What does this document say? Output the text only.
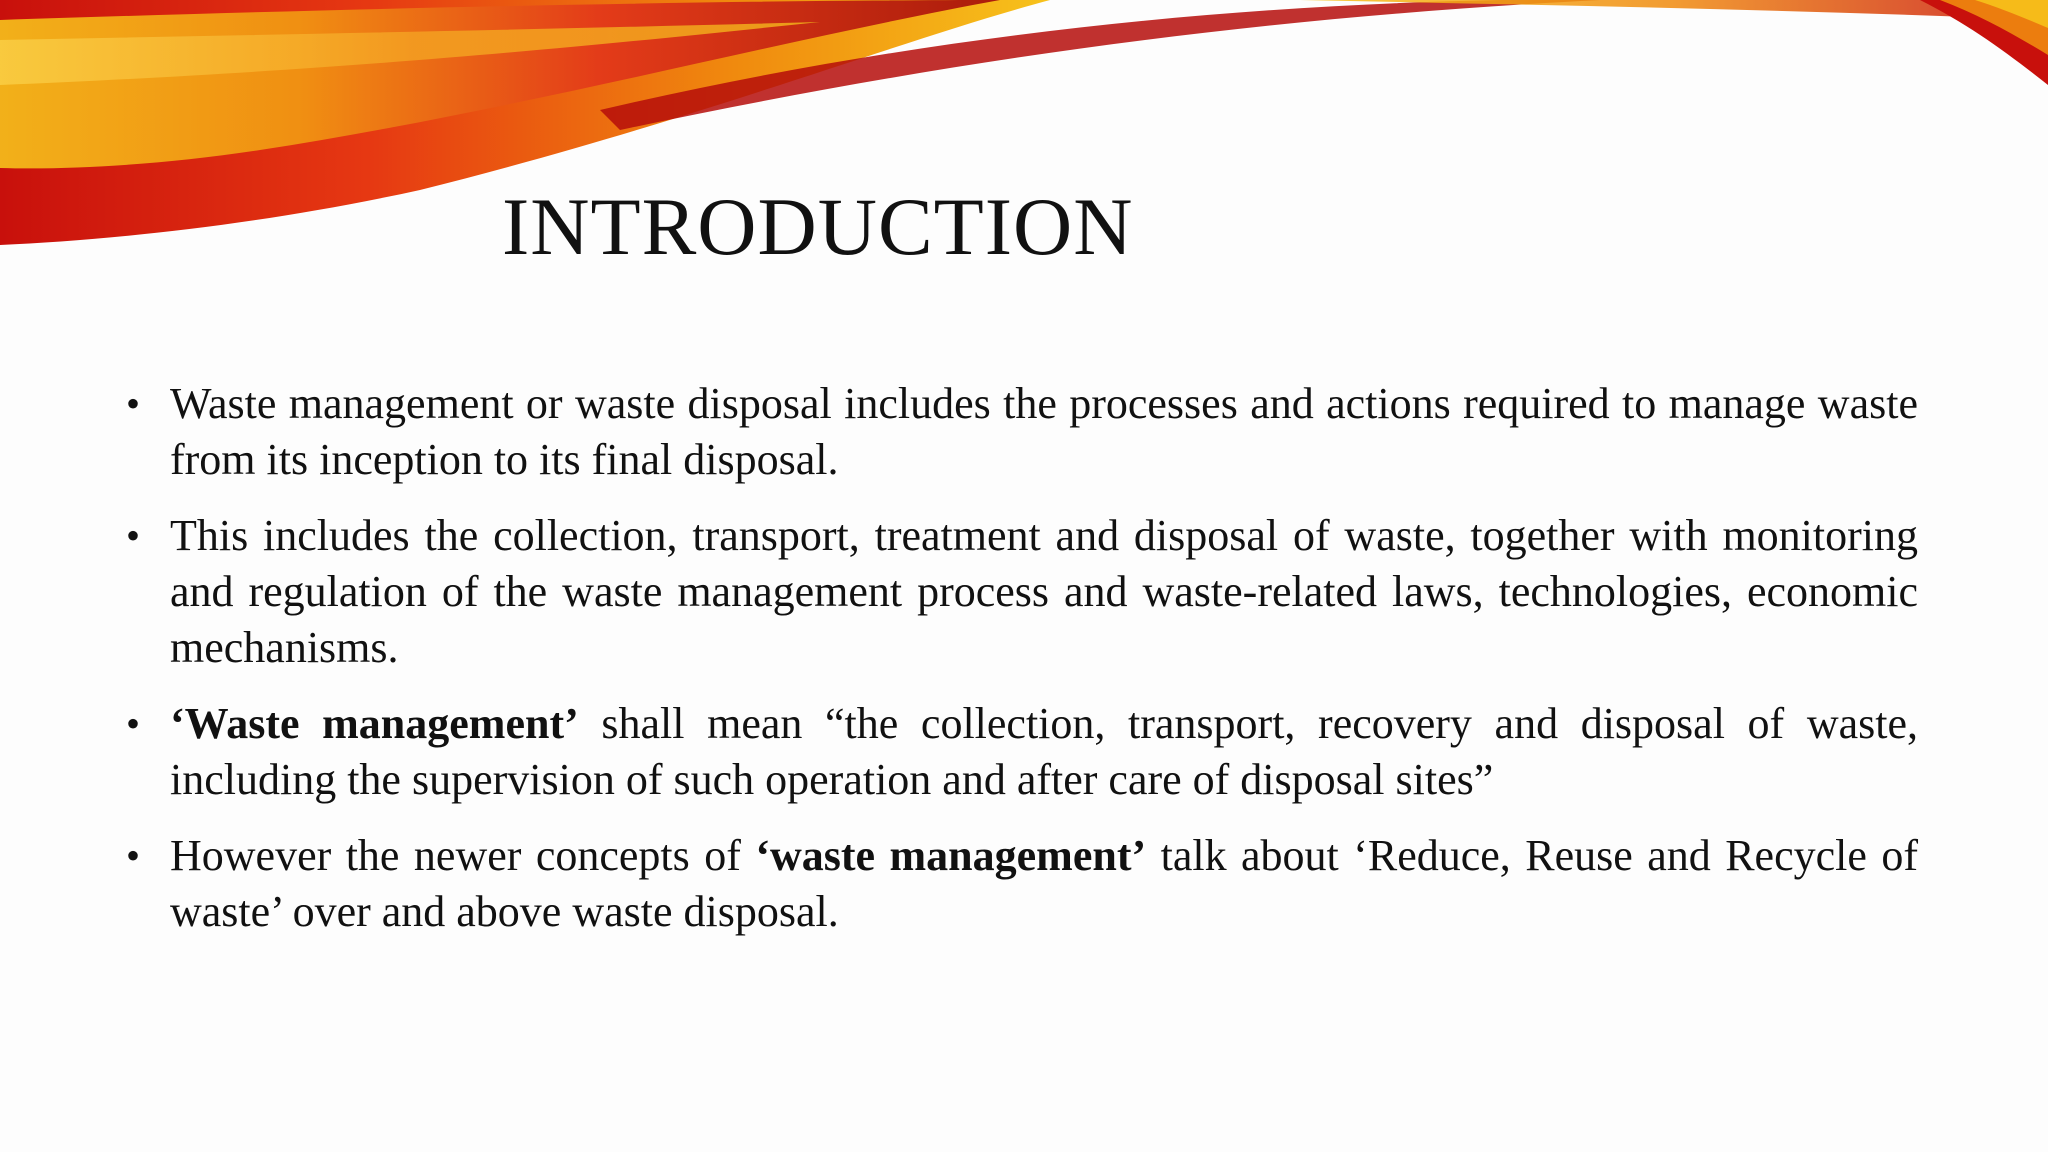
INTRODUCTION
• Waste management or waste disposal includes the processes and actions required to manage waste from its inception to its final disposal.
• This includes the collection, transport, treatment and disposal of waste, together with monitoring and regulation of the waste management process and waste-related laws, technologies, economic mechanisms.
• ‘Waste management’ shall mean “the collection, transport, recovery and disposal of waste, including the supervision of such operation and after care of disposal sites”
• However the newer concepts of ‘waste management’ talk about ‘Reduce, Reuse and Recycle of waste’ over and above waste disposal.
